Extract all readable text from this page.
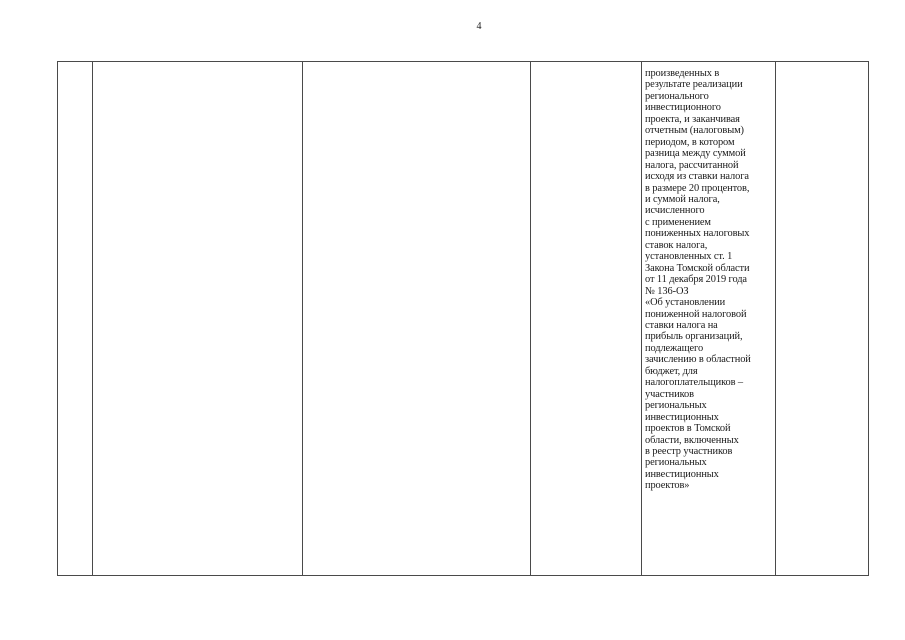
4

произведенных в
результате реализации
регионального
инвестиционного
проекта, и заканчивая
отчетным (налоговым)
периодом, в котором
разница между суммой
налога, рассчитанной
исходя из ставки налога
в размере 20 процентов,
и суммой налога,
исчисленного
с применением
пониженных налоговых
ставок налога,
установленных ст. 1
Закона Томской области
от 11 декабря 2019 года
№ 136-ОЗ
«Об установлении
пониженной налоговой
ставки налога на
прибыль организаций,
подлежащего
зачислению в областной
бюджет, для
налогоплательщиков –
участников
региональных
инвестиционных
проектов в Томской
области, включенных
в реестр участников
региональных
инвестиционных
проектов»
